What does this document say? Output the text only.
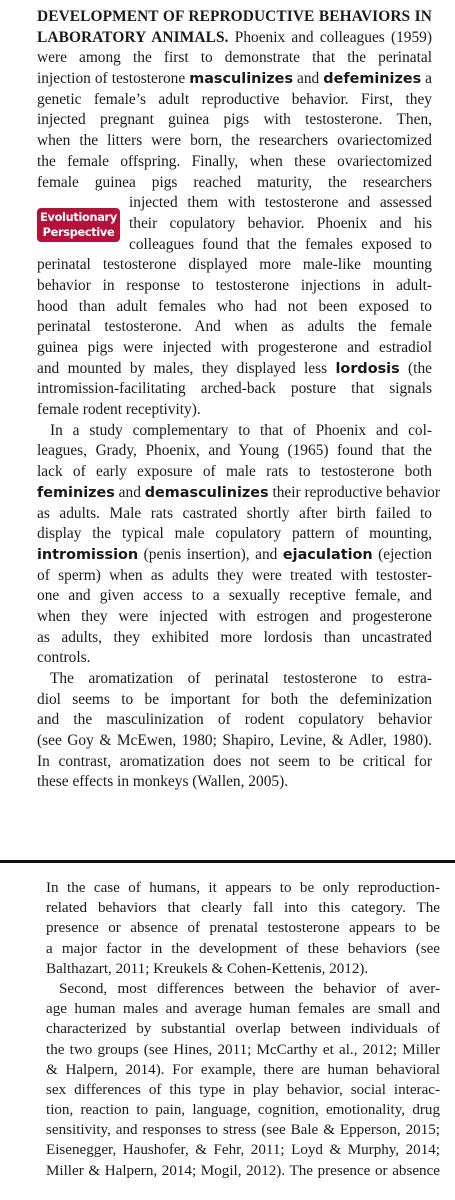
DEVELOPMENT OF REPRODUCTIVE BEHAVIORS IN
LABORATORY ANIMALS. Phoenix and colleagues (1959)
were among the first to demonstrate that the perinatal
injection of testosterone masculinizes and defeminizes a
genetic female’s adult reproductive behavior. First, they
injected pregnant guinea pigs with testosterone. Then,
when the litters were born, the researchers ovariectomized
the female offspring. Finally, when these ovariectomized
female guinea pigs reached maturity, the researchers
injected them with testosterone and assessed
their copulatory behavior. Phoenix and his
colleagues found that the females exposed to
perinatal testosterone displayed more male-like mounting
behavior in response to testosterone injections in adult-
hood than adult females who had not been exposed to
perinatal testosterone. And when as adults the female
guinea pigs were injected with progesterone and estradiol
and mounted by males, they displayed less lordosis (the
intromission-facilitating arched-back posture that signals
female rodent receptivity).
In a study complementary to that of Phoenix and col-
leagues, Grady, Phoenix, and Young (1965) found that the
lack of early exposure of male rats to testosterone both
feminizes and demasculinizes their reproductive behavior
as adults. Male rats castrated shortly after birth failed to
display the typical male copulatory pattern of mounting,
intromission (penis insertion), and ejaculation (ejection
of sperm) when as adults they were treated with testoster-
one and given access to a sexually receptive female, and
when they were injected with estrogen and progesterone
as adults, they exhibited more lordosis than uncastrated
controls.
The aromatization of perinatal testosterone to estra-
diol seems to be important for both the defeminization
and the masculinization of rodent copulatory behavior
(see Goy & McEwen, 1980; Shapiro, Levine, & Adler, 1980).
In contrast, aromatization does not seem to be critical for
these effects in monkeys (Wallen, 2005).
Evolutionary
Perspective
In the case of humans, it appears to be only reproduction-
related behaviors that clearly fall into this category. The
presence or absence of prenatal testosterone appears to be
a major factor in the development of these behaviors (see
Balthazart, 2011; Kreukels & Cohen-Kettenis, 2012).
Second, most differences between the behavior of aver-
age human males and average human females are small and
characterized by substantial overlap between individuals of
the two groups (see Hines, 2011; McCarthy et al., 2012; Miller
& Halpern, 2014). For example, there are human behavioral
sex differences of this type in play behavior, social interac-
tion, reaction to pain, language, cognition, emotionality, drug
sensitivity, and responses to stress (see Bale & Epperson, 2015;
Eisenegger, Haushofer, & Fehr, 2011; Loyd & Murphy, 2014;
Miller & Halpern, 2014; Mogil, 2012). The presence or absence
